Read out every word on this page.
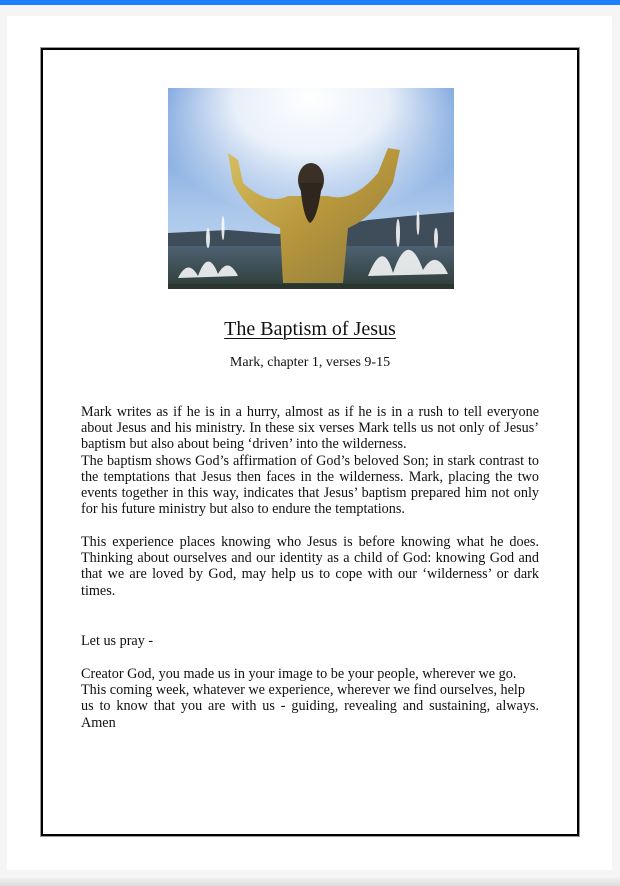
The Baptism of Jesus
Mark, chapter 1, verses 9-15

Mark writes as if he is in a hurry, almost as if he is in a rush to tell everyone about Jesus and his ministry. In these six verses Mark tells us not only of Jesus’ baptism but also about being ‘driven’ into the wilderness.

The baptism shows God’s affirmation of God’s beloved Son; in stark contrast to the temptations that Jesus then faces in the wilderness. Mark, placing the two events together in this way, indicates that Jesus’ baptism prepared him not only for his future ministry but also to endure the temptations.

This experience places knowing who Jesus is before knowing what he does. Thinking about ourselves and our identity as a child of God: knowing God and that we are loved by God, may help us to cope with our ‘wilderness’ or dark times.

Let us pray -

Creator God, you made us in your image to be your people, wherever we go.

This coming week, whatever we experience, wherever we find ourselves, help

us to know that you are with us - guiding, revealing and sustaining, always.

Amen
